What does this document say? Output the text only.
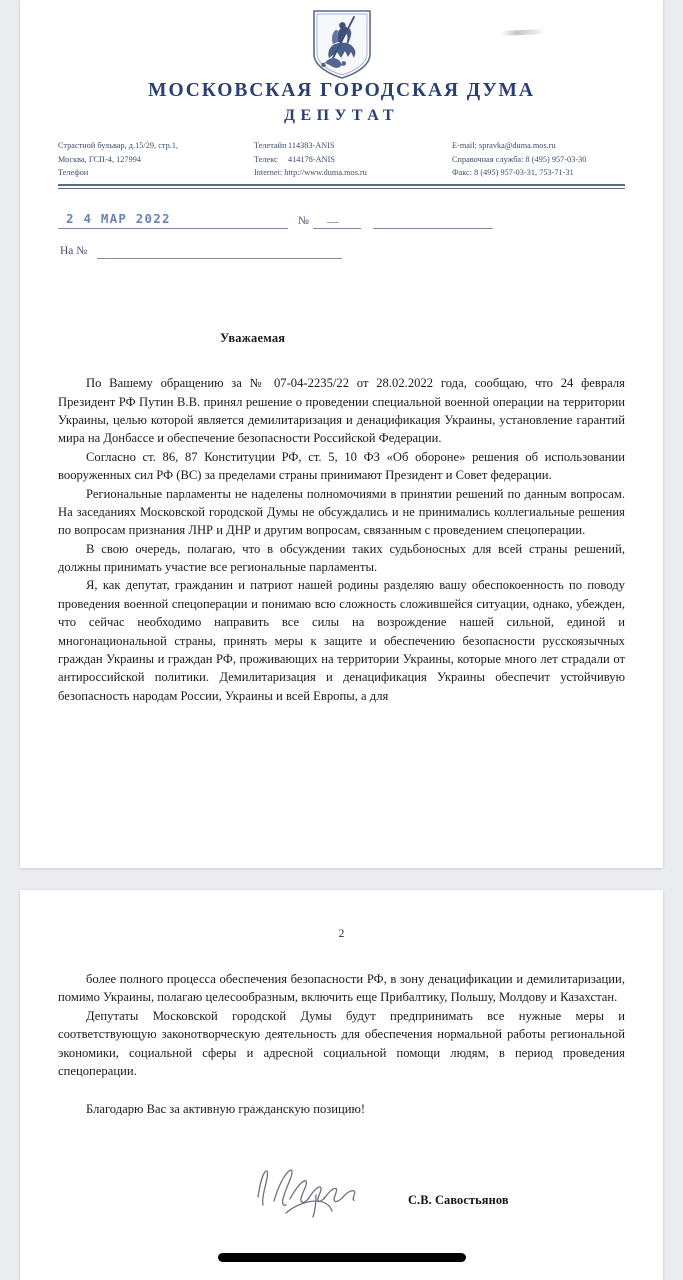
МОСКОВСКАЯ ГОРОДСКАЯ ДУМА
ДЕПУТАТ
Страстной бульвар, д.15/29, стр.1,
Москва, ГСП-4, 127994
Телефон
Телетайп114383-ANIS
Телекс 414178-ANIS
Internet: http://www.duma.mos.ru
E-mail: spravka@duma.mos.ru
Справочная служба: 8 (495) 957-03-30
Факс: 8 (495) 957-03-31, 753-71-31
2 4 МАР 2022	№
На №
Уважаемая

По Вашему обращению за № 07-04-2235/22 от 28.02.2022 года, сообщаю, что 24 февраля Президент РФ Путин В.В. принял решение о проведении специальной военной операции на территории Украины, целью которой является демилитаризация и денацификация Украины, установление гарантий мира на Донбассе и обеспечение безопасности Российской Федерации.

Согласно ст. 86, 87 Конституции РФ, ст. 5, 10 ФЗ «Об обороне» решения об использовании вооруженных сил РФ (ВС) за пределами страны принимают Президент и Совет федерации.

Региональные парламенты не наделены полномочиями в принятии решений по данным вопросам. На заседаниях Московской городской Думы не обсуждались и не принимались коллегиальные решения по вопросам признания ЛНР и ДНР и другим вопросам, связанным с проведением спецоперации.

В свою очередь, полагаю, что в обсуждении таких судьбоносных для всей страны решений, должны принимать участие все региональные парламенты.

Я, как депутат, гражданин и патриот нашей родины разделяю вашу обеспокоенность по поводу проведения военной спецоперации и понимаю всю сложность сложившейся ситуации, однако, убежден, что сейчас необходимо направить все силы на возрождение нашей сильной, единой и многонациональной страны, принять меры к защите и обеспечению безопасности русскоязычных граждан Украины и граждан РФ, проживающих на территории Украины, которые много лет страдали от антироссийской политики. Демилитаризация и денацификация Украины обеспечит устойчивую безопасность народам России, Украины и всей Европы, а для

2

более полного процесса обеспечения безопасности РФ, в зону денацификации и демилитаризации, помимо Украины, полагаю целесообразным, включить еще Прибалтику, Польшу, Молдову и Казахстан.

Депутаты Московской городской Думы будут предпринимать все нужные меры и соответствующую законотворческую деятельность для обеспечения нормальной работы региональной экономики, социальной сферы и адресной социальной помощи людям, в период проведения спецоперации.

Благодарю Вас за активную гражданскую позицию!
С.В. Савостьянов
